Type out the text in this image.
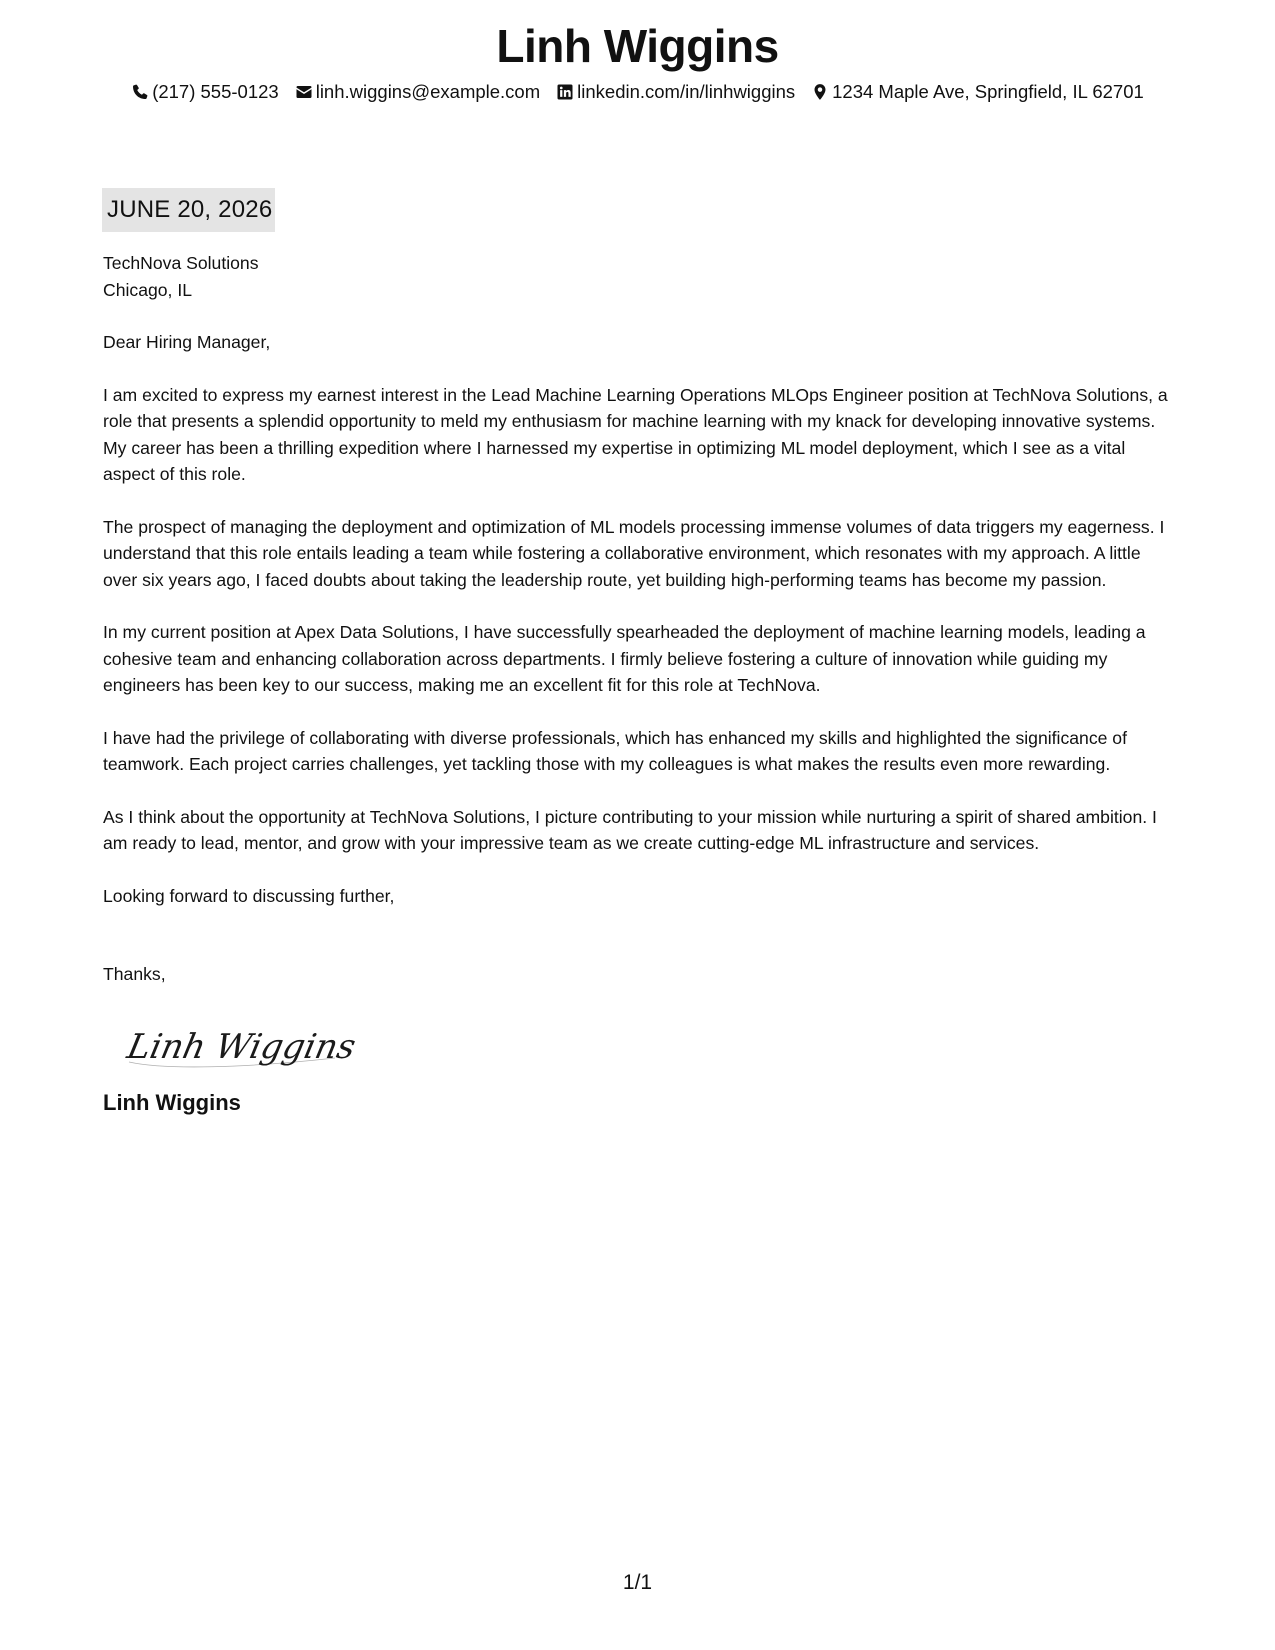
Linh Wiggins
(217) 555-0123 linh.wiggins@example.com linkedin.com/in/linhwiggins 1234 Maple Ave, Springfield, IL 62701
JUNE 20, 2026
TechNova Solutions
Chicago, IL
Dear Hiring Manager,

I am excited to express my earnest interest in the Lead Machine Learning Operations MLOps Engineer position at TechNova Solutions, a role that presents a splendid opportunity to meld my enthusiasm for machine learning with my knack for developing innovative systems. My career has been a thrilling expedition where I harnessed my expertise in optimizing ML model deployment, which I see as a vital aspect of this role.

The prospect of managing the deployment and optimization of ML models processing immense volumes of data triggers my eagerness. I understand that this role entails leading a team while fostering a collaborative environment, which resonates with my approach. A little over six years ago, I faced doubts about taking the leadership route, yet building high-performing teams has become my passion.

In my current position at Apex Data Solutions, I have successfully spearheaded the deployment of machine learning models, leading a cohesive team and enhancing collaboration across departments. I firmly believe fostering a culture of innovation while guiding my engineers has been key to our success, making me an excellent fit for this role at TechNova.

I have had the privilege of collaborating with diverse professionals, which has enhanced my skills and highlighted the significance of teamwork. Each project carries challenges, yet tackling those with my colleagues is what makes the results even more rewarding.

As I think about the opportunity at TechNova Solutions, I picture contributing to your mission while nurturing a spirit of shared ambition. I am ready to lead, mentor, and grow with your impressive team as we create cutting-edge ML infrastructure and services.

Looking forward to discussing further,
Thanks,
Linh Wiggins
Linh Wiggins
1/1
